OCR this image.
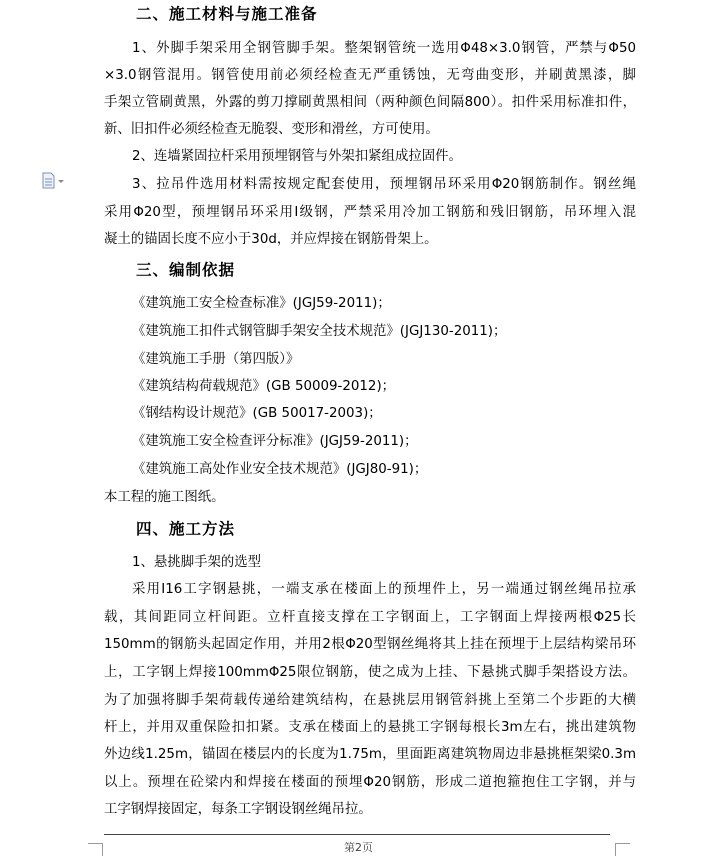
二、施工材料与施工准备
1、外脚手架采用全钢管脚手架。整架钢管统一选用Φ48×3.0钢管，严禁与Φ50
×3.0钢管混用。钢管使用前必须经检查无严重锈蚀，无弯曲变形，并刷黄黑漆，脚
手架立管刷黄黑，外露的剪刀撑刷黄黑相间（两种颜色间隔800）。扣件采用标准扣件，
新、旧扣件必须经检查无脆裂、变形和滑丝，方可使用。
2、连墙紧固拉杆采用预埋钢管与外架扣紧组成拉固件。
3、拉吊件选用材料需按规定配套使用，预埋钢吊环采用Φ20钢筋制作。钢丝绳
采用Φ20型，预埋钢吊环采用Ⅰ级钢，严禁采用冷加工钢筋和残旧钢筋，吊环埋入混
凝土的锚固长度不应小于30d，并应焊接在钢筋骨架上。
三、编制依据
《建筑施工安全检查标准》(JGJ59-2011)；
《建筑施工扣件式钢管脚手架安全技术规范》(JGJ130-2011)；
《建筑施工手册（第四版）》
《建筑结构荷载规范》(GB 50009-2012)；
《钢结构设计规范》(GB 50017-2003)；
《建筑施工安全检查评分标准》(JGJ59-2011)；
《建筑施工高处作业安全技术规范》(JGJ80-91)；
本工程的施工图纸。
四、施工方法
1、悬挑脚手架的选型
采用I16工字钢悬挑，一端支承在楼面上的预埋件上，另一端通过钢丝绳吊拉承
载，其间距同立杆间距。立杆直接支撑在工字钢面上，工字钢面上焊接两根Φ25长
150mm的钢筋头起固定作用，并用2根Φ20型钢丝绳将其上挂在预埋于上层结构梁吊环
上，工字钢上焊接100mmΦ25限位钢筋，使之成为上挂、下悬挑式脚手架搭设方法。
为了加强将脚手架荷载传递给建筑结构，在悬挑层用钢管斜挑上至第二个步距的大横
杆上，并用双重保险扣扣紧。支承在楼面上的悬挑工字钢每根长3m左右，挑出建筑物
外边线1.25m，锚固在楼层内的长度为1.75m，里面距离建筑物周边非悬挑框架梁0.3m
以上。预埋在砼梁内和焊接在楼面的预埋Φ20钢筋，形成二道抱箍抱住工字钢，并与
工字钢焊接固定，每条工字钢设钢丝绳吊拉。
第2页
